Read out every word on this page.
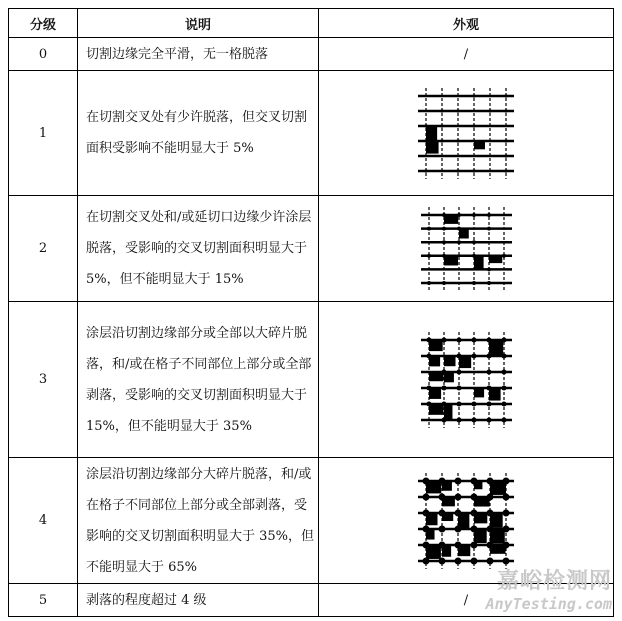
分级	说明	外观
0	切割边缘完全平滑，无一格脱落	/
1	在切割交叉处有少许脱落，但交叉切割面积受影响不能明显大于 5%	

2	在切割交叉处和/或延切口边缘少许涂层脱落，受影响的交叉切割面积明显大于 5%，但不能明显大于 15%	

3	涂层沿切割边缘部分或全部以大碎片脱落，和/或在格子不同部位上部分或全部剥落，受影响的交叉切割面积明显大于 15%，但不能明显大于 35%	

4	涂层沿切割边缘部分大碎片脱落，和/或在格子不同部位上部分或全部剥落，受影响的交叉切割面积明显大于 35%，但不能明显大于 65%	

5	剥落的程度超过 4 级	/
嘉峪检测网
AnyTesting.com
